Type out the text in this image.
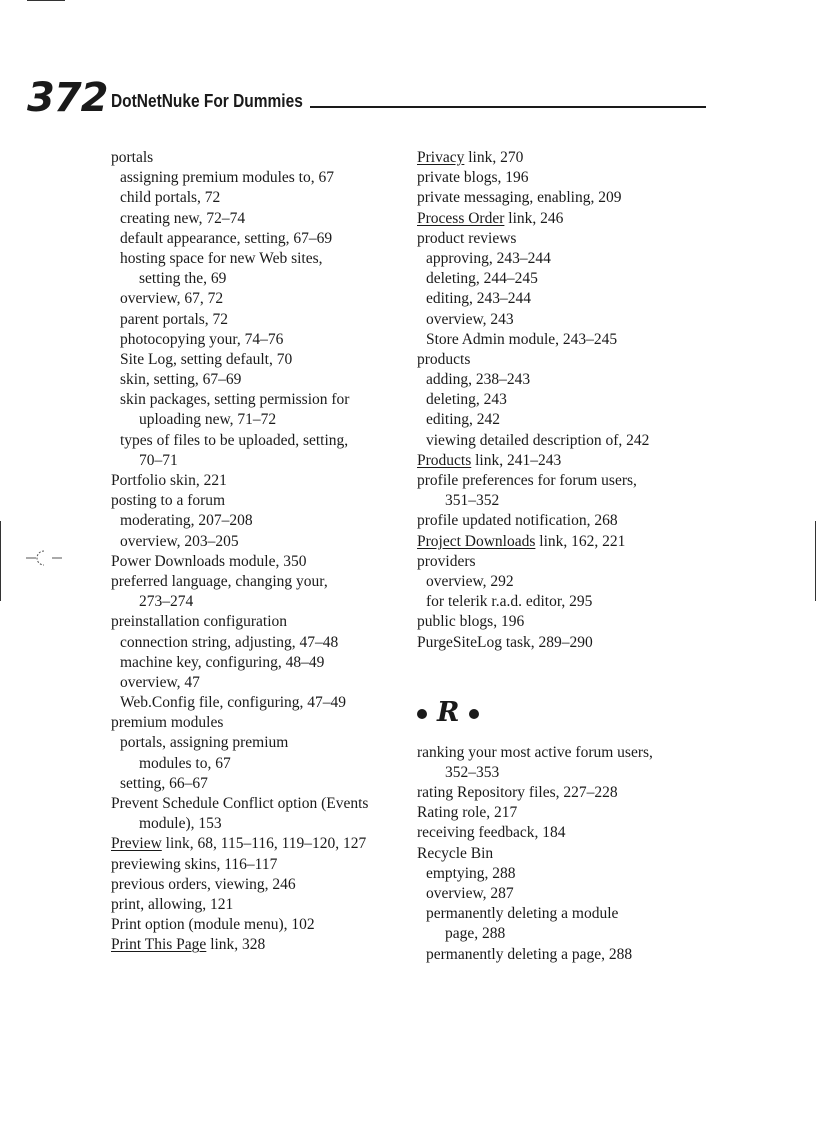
372 DotNetNuke For Dummies
portals
assigning premium modules to, 67
child portals, 72
creating new, 72–74
default appearance, setting, 67–69
hosting space for new Web sites,
setting the, 69
overview, 67, 72
parent portals, 72
photocopying your, 74–76
Site Log, setting default, 70
skin, setting, 67–69
skin packages, setting permission for
uploading new, 71–72
types of files to be uploaded, setting,
70–71
Portfolio skin, 221
posting to a forum
moderating, 207–208
overview, 203–205
Power Downloads module, 350
preferred language, changing your,
273–274
preinstallation configuration
connection string, adjusting, 47–48
machine key, configuring, 48–49
overview, 47
Web.Config file, configuring, 47–49
premium modules
portals, assigning premium
modules to, 67
setting, 66–67
Prevent Schedule Conflict option (Events
module), 153
Preview link, 68, 115–116, 119–120, 127
previewing skins, 116–117
previous orders, viewing, 246
print, allowing, 121
Print option (module menu), 102
Print This Page link, 328
Privacy link, 270
private blogs, 196
private messaging, enabling, 209
Process Order link, 246
product reviews
approving, 243–244
deleting, 244–245
editing, 243–244
overview, 243
Store Admin module, 243–245
products
adding, 238–243
deleting, 243
editing, 242
viewing detailed description of, 242
Products link, 241–243
profile preferences for forum users,
351–352
profile updated notification, 268
Project Downloads link, 162, 221
providers
overview, 292
for telerik r.a.d. editor, 295
public blogs, 196
PurgeSiteLog task, 289–290
R
ranking your most active forum users,
352–353
rating Repository files, 227–228
Rating role, 217
receiving feedback, 184
Recycle Bin
emptying, 288
overview, 287
permanently deleting a module
page, 288
permanently deleting a page, 288
